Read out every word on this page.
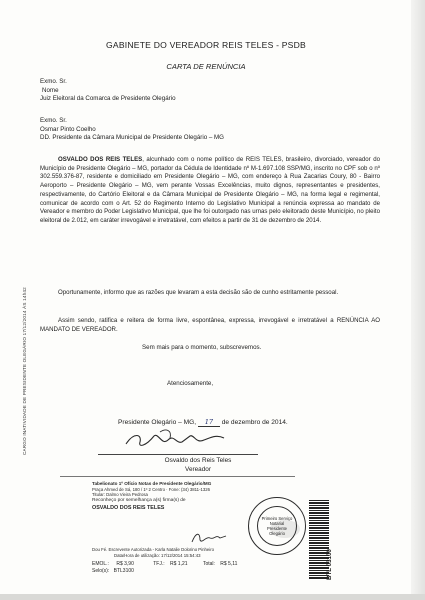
GABINETE DO VEREADOR REIS TELES - PSDB
CARTA DE RENÚNCIA
Exmo. Sr.
Nome
Juiz Eleitoral da Comarca de Presidente Olegário
Exmo. Sr.
Osmar Pinto Coelho
DD. Presidente da Câmara Municipal de Presidente Olegário – MG
OSVALDO DOS REIS TELES, alcunhado com o nome político de REIS TELES, brasileiro, divorciado, vereador do Município de Presidente Olegário – MG, portador da Cédula de Identidade nº M-1.697.108 SSP/MG, inscrito no CPF sob o nº 302.559.376-87, residente e domiciliado em Presidente Olegário – MG, com endereço à Rua Zacarias Coury, 80 - Bairro Aeroporto – Presidente Olegário – MG, vem perante Vossas Excelências, muito dignos, representantes e presidentes, respectivamente, do Cartório Eleitoral e da Câmara Municipal de Presidente Olegário – MG, na forma legal e regimental, comunicar de acordo com o Art. 52 do Regimento Interno do Legislativo Municipal a renúncia expressa ao mandato de Vereador e membro do Poder Legislativo Municipal, que lhe foi outorgado nas urnas pelo eleitorado deste Município, no pleito eleitoral de 2.012, em caráter irrevogável e irretratável, com efeitos a partir de 31 de dezembro de 2014.
Oportunamente, informo que as razões que levaram a esta decisão são de cunho estritamente pessoal.
Assim sendo, ratifica e reitera de forma livre, espontânea, expressa, irrevogável e irretratável a RENÚNCIA AO MANDATO DE VEREADOR.
Sem mais para o momento, subscrevemos.
Atenciosamente,
Presidente Olegário – MG, 17 de dezembro de 2014.
Osvaldo dos Reis Teles
Vereador
CARGO INATIVIDADE DE PRESIDENTE OLEGÁRIO 17/12/2014 ÀS 14h42
Tabelionato 1º Ofício Notas de Presidente Olegário/MG
Praça Ahmed de Sá, 180 / 1º 2 Centro · Fone: (34) 3811-1326
Titular: Dalmo Vieira Pedrosa
Reconheço por semelhança a(s) firma(s) de
OSVALDO DOS REIS TELES
Dou Fé. Escrevente Autorizada - Karla Natalie Dolorino Pinheiro
Data/Hora de utilização: 17/12/2014 15:54:43
EMOL.: R$ 3,90	TFJ.: R$ 1,21	Total: R$ 5,11
Selo(s): BTL3100
Primeiro Serviço Notarial Presidente Olegário
BTL 03100
